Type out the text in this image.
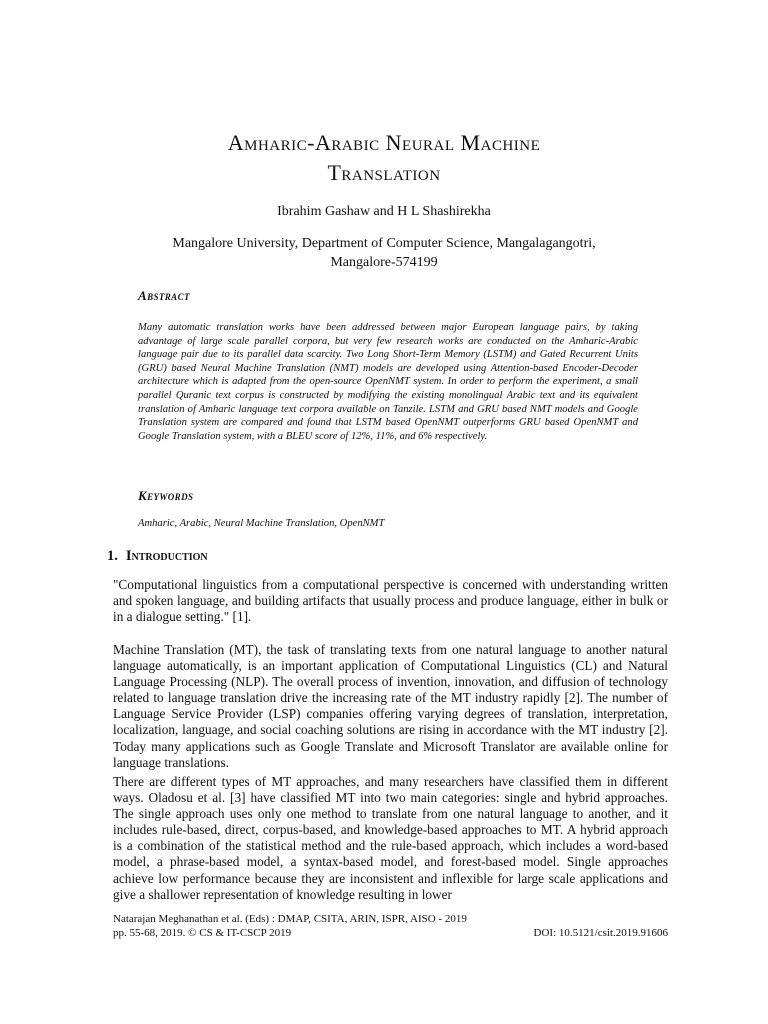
Amharic-Arabic Neural Machine
Translation
Ibrahim Gashaw and H L Shashirekha
Mangalore University, Department of Computer Science, Mangalagangotri,
Mangalore-574199
Abstract
Many automatic translation works have been addressed between major European language pairs, by taking advantage of large scale parallel corpora, but very few research works are conducted on the Amharic-Arabic language pair due to its parallel data scarcity. Two Long Short-Term Memory (LSTM) and Gated Recurrent Units (GRU) based Neural Machine Translation (NMT) models are developed using Attention-based Encoder-Decoder architecture which is adapted from the open-source OpenNMT system. In order to perform the experiment, a small parallel Quranic text corpus is constructed by modifying the existing monolingual Arabic text and its equivalent translation of Amharic language text corpora available on Tanzile. LSTM and GRU based NMT models and Google Translation system are compared and found that LSTM based OpenNMT outperforms GRU based OpenNMT and Google Translation system, with a BLEU score of 12%, 11%, and 6% respectively.
Keywords
Amharic, Arabic, Neural Machine Translation, OpenNMT
1. Introduction
"Computational linguistics from a computational perspective is concerned with understanding written and spoken language, and building artifacts that usually process and produce language, either in bulk or in a dialogue setting." [1].
Machine Translation (MT), the task of translating texts from one natural language to another natural language automatically, is an important application of Computational Linguistics (CL) and Natural Language Processing (NLP). The overall process of invention, innovation, and diffusion of technology related to language translation drive the increasing rate of the MT industry rapidly [2]. The number of Language Service Provider (LSP) companies offering varying degrees of translation, interpretation, localization, language, and social coaching solutions are rising in accordance with the MT industry [2]. Today many applications such as Google Translate and Microsoft Translator are available online for language translations.
There are different types of MT approaches, and many researchers have classified them in different ways. Oladosu et al. [3] have classified MT into two main categories: single and hybrid approaches. The single approach uses only one method to translate from one natural language to another, and it includes rule-based, direct, corpus-based, and knowledge-based approaches to MT. A hybrid approach is a combination of the statistical method and the rule-based approach, which includes a word-based model, a phrase-based model, a syntax-based model, and forest-based model. Single approaches achieve low performance because they are inconsistent and inflexible for large scale applications and give a shallower representation of knowledge resulting in lower
Natarajan Meghanathan et al. (Eds) : DMAP, CSITA, ARIN, ISPR, AISO - 2019
pp. 55-68, 2019. © CS & IT-CSCP 2019	DOI: 10.5121/csit.2019.91606
